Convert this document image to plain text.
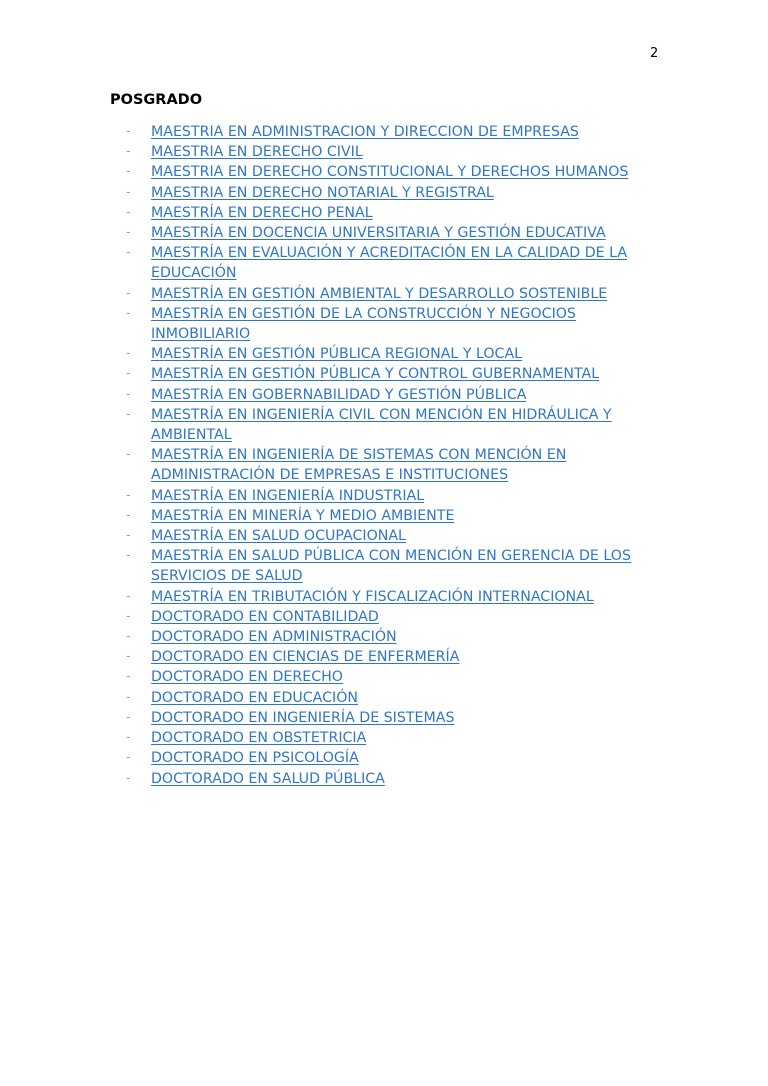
2
POSGRADO
-	MAESTRIA EN ADMINISTRACION Y DIRECCION DE EMPRESAS
-	MAESTRIA EN DERECHO CIVIL
-	MAESTRIA EN DERECHO CONSTITUCIONAL Y DERECHOS HUMANOS
-	MAESTRIA EN DERECHO NOTARIAL Y REGISTRAL
-	MAESTRÍA EN DERECHO PENAL
-	MAESTRÍA EN DOCENCIA UNIVERSITARIA Y GESTIÓN EDUCATIVA
-	MAESTRÍA EN EVALUACIÓN Y ACREDITACIÓN EN LA CALIDAD DE LA
EDUCACIÓN
-	MAESTRÍA EN GESTIÓN AMBIENTAL Y DESARROLLO SOSTENIBLE
-	MAESTRÍA EN GESTIÓN DE LA CONSTRUCCIÓN Y NEGOCIOS
INMOBILIARIO
-	MAESTRÍA EN GESTIÓN PÚBLICA REGIONAL Y LOCAL
-	MAESTRÍA EN GESTIÓN PÚBLICA Y CONTROL GUBERNAMENTAL
-	MAESTRÍA EN GOBERNABILIDAD Y GESTIÓN PÚBLICA
-	MAESTRÍA EN INGENIERÍA CIVIL CON MENCIÓN EN HIDRÁULICA Y
AMBIENTAL
-	MAESTRÍA EN INGENIERÍA DE SISTEMAS CON MENCIÓN EN
ADMINISTRACIÓN DE EMPRESAS E INSTITUCIONES
-	MAESTRÍA EN INGENIERÍA INDUSTRIAL
-	MAESTRÍA EN MINERÍA Y MEDIO AMBIENTE
-	MAESTRÍA EN SALUD OCUPACIONAL
-	MAESTRÍA EN SALUD PÚBLICA CON MENCIÓN EN GERENCIA DE LOS
SERVICIOS DE SALUD
-	MAESTRÍA EN TRIBUTACIÓN Y FISCALIZACIÓN INTERNACIONAL
-	DOCTORADO EN CONTABILIDAD
-	DOCTORADO EN ADMINISTRACIÓN
-	DOCTORADO EN CIENCIAS DE ENFERMERÍA
-	DOCTORADO EN DERECHO
-	DOCTORADO EN EDUCACIÓN
-	DOCTORADO EN INGENIERÍA DE SISTEMAS
-	DOCTORADO EN OBSTETRICIA
-	DOCTORADO EN PSICOLOGÍA
-	DOCTORADO EN SALUD PÚBLICA
